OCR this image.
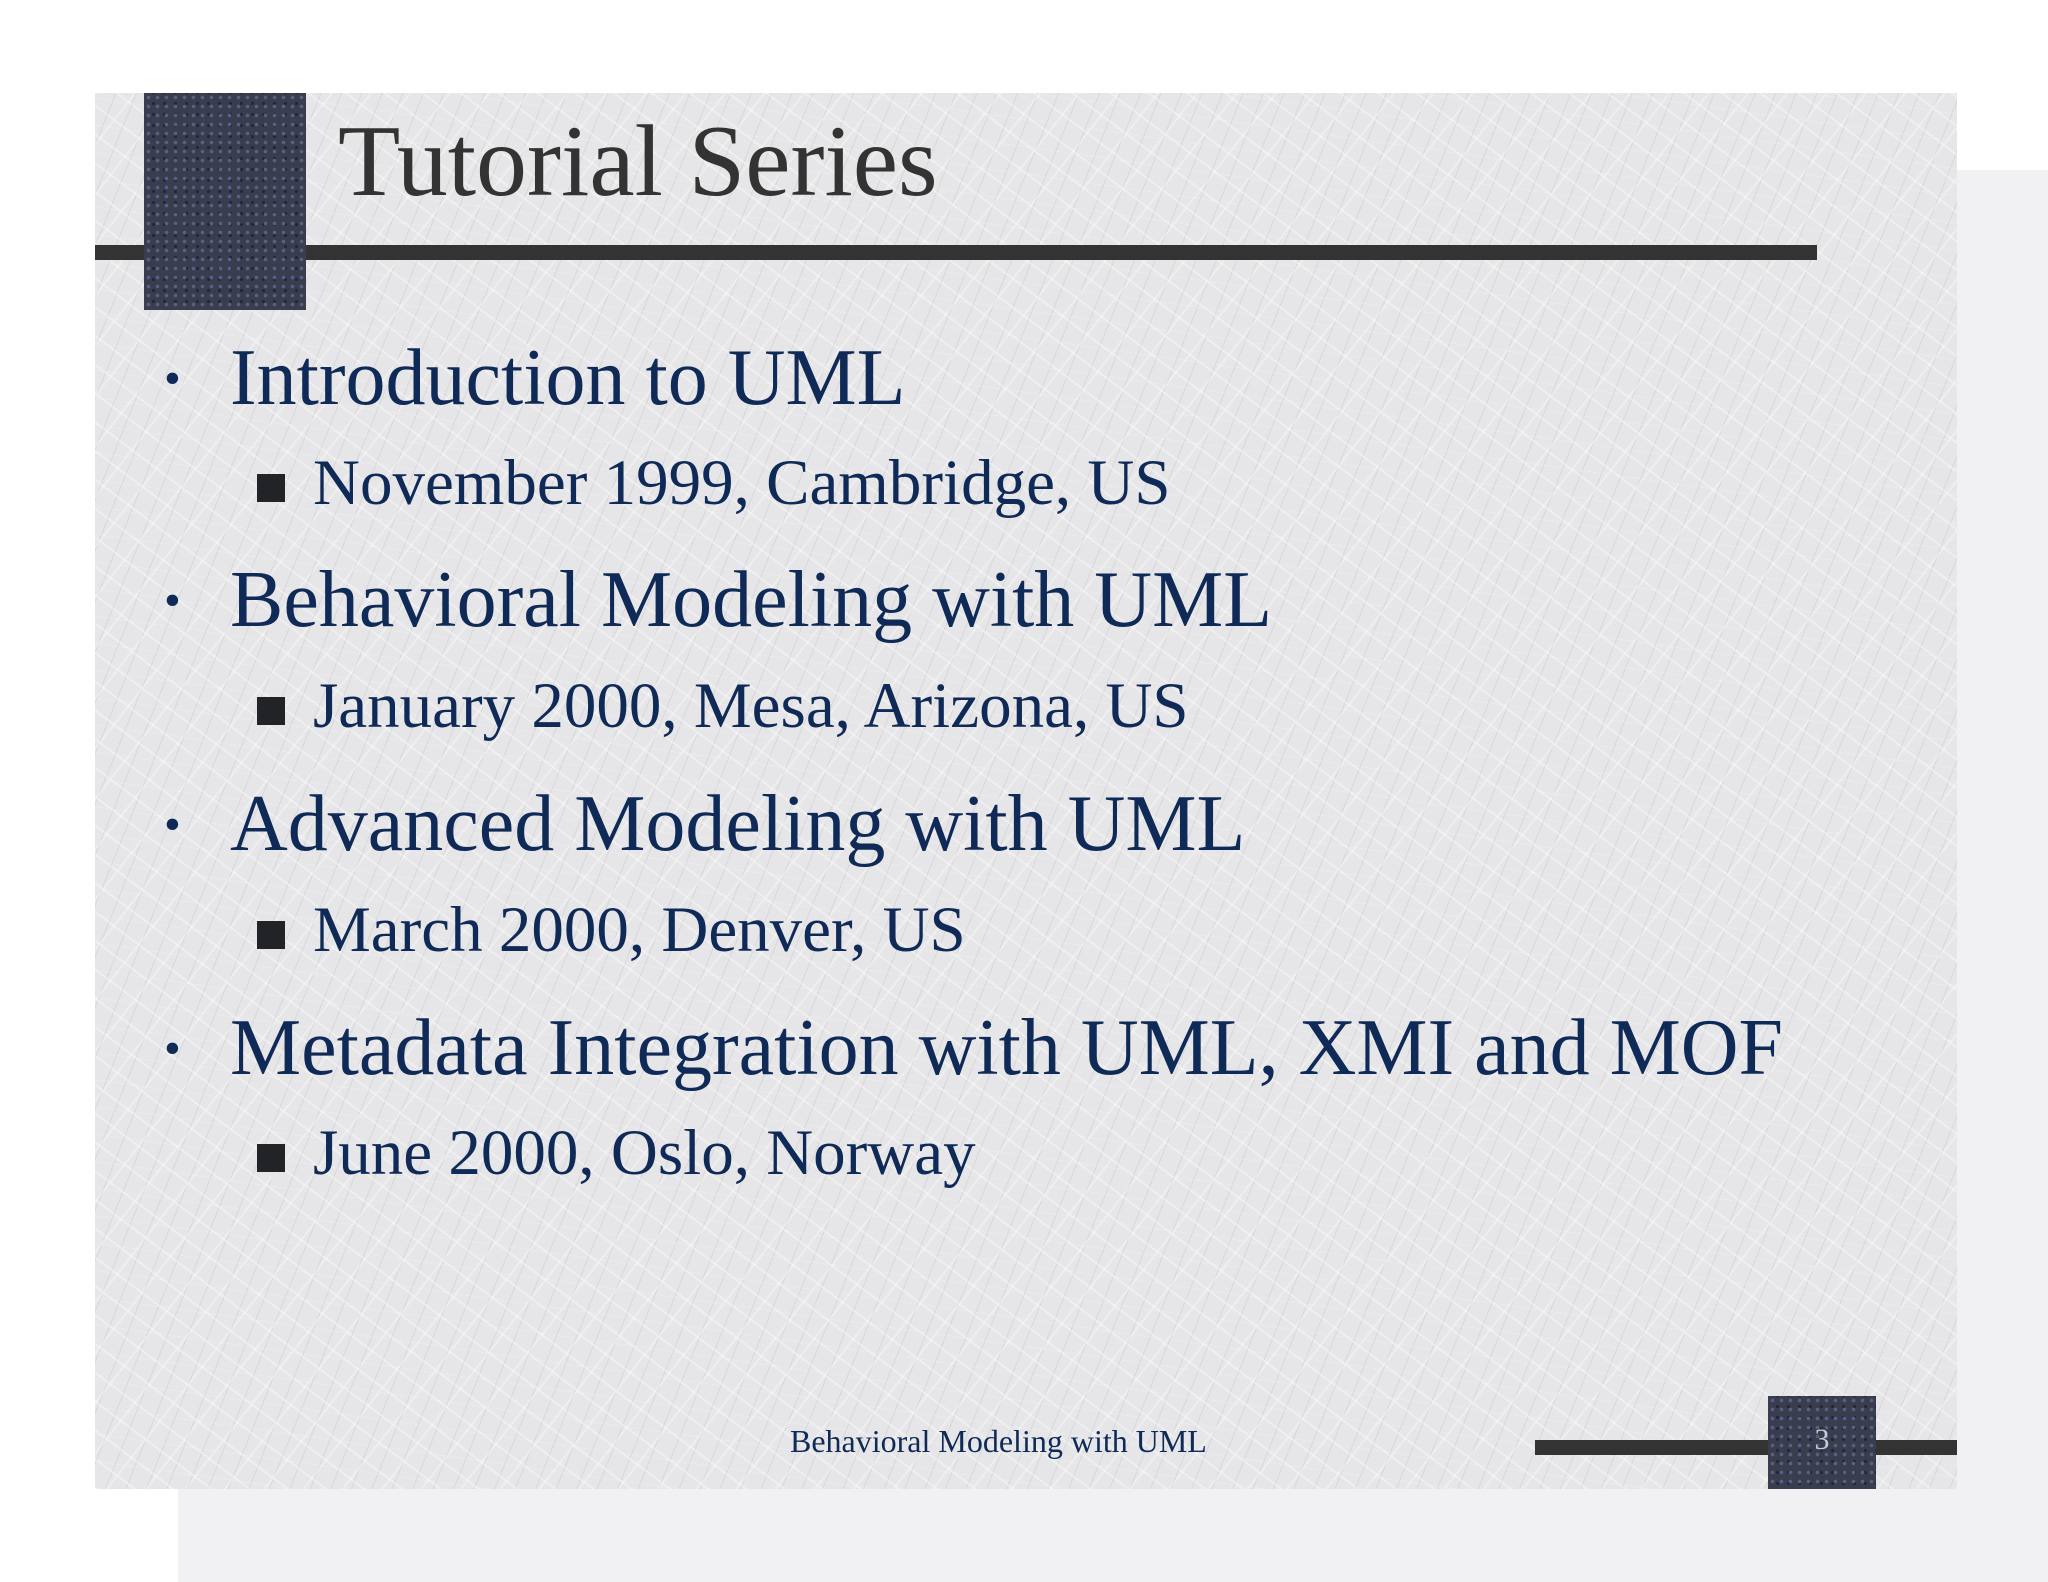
Tutorial Series
• Introduction to UML
November 1999, Cambridge, US
• Behavioral Modeling with UML
January 2000, Mesa, Arizona, US
• Advanced Modeling with UML
March 2000, Denver, US
• Metadata Integration with UML, XMI and MOF
June 2000, Oslo, Norway
Behavioral Modeling with UML	3
